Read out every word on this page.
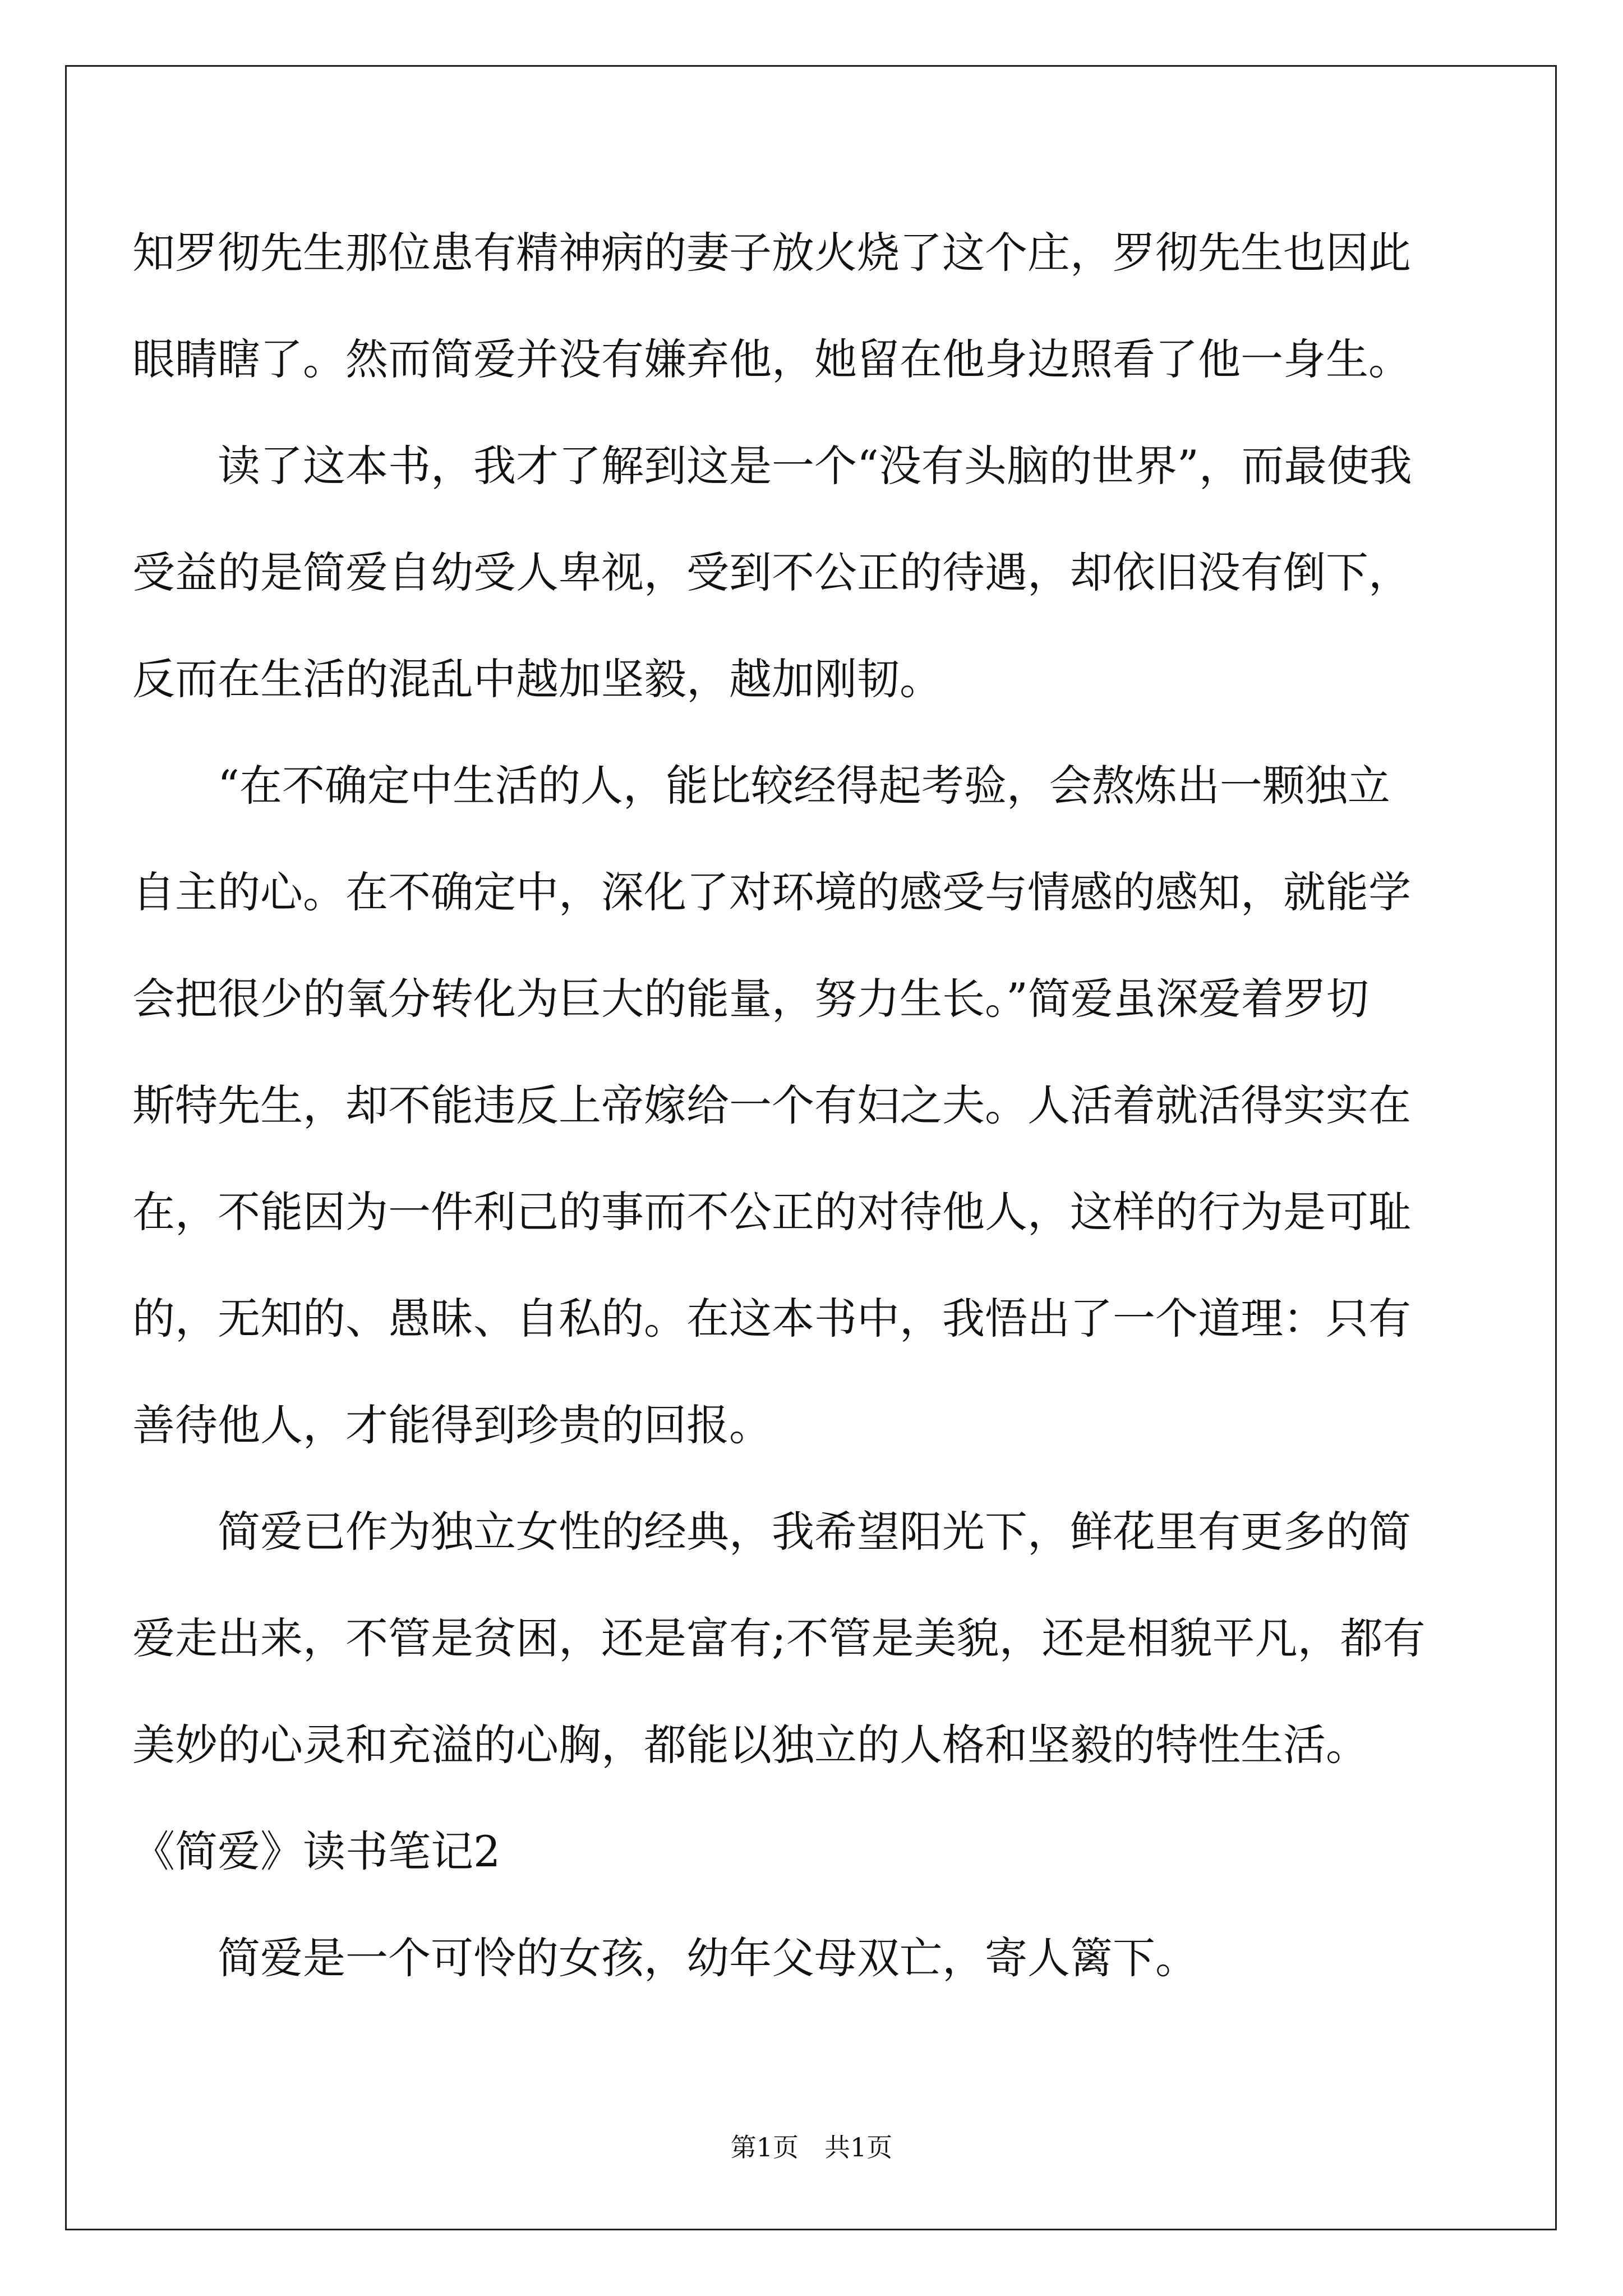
知罗彻先生那位患有精神病的妻子放火烧了这个庄，罗彻先生也因此
眼睛瞎了。然而简爱并没有嫌弃他，她留在他身边照看了他一身生。
读了这本书，我才了解到这是一个“没有头脑的世界”，而最使我
受益的是简爱自幼受人卑视，受到不公正的待遇，却依旧没有倒下，
反而在生活的混乱中越加坚毅，越加刚韧。
“在不确定中生活的人，能比较经得起考验，会熬炼出一颗独立
自主的心。在不确定中，深化了对环境的感受与情感的感知，就能学
会把很少的氧分转化为巨大的能量，努力生长。”简爱虽深爱着罗切
斯特先生，却不能违反上帝嫁给一个有妇之夫。人活着就活得实实在
在，不能因为一件利己的事而不公正的对待他人，这样的行为是可耻
的，无知的、愚昧、自私的。在这本书中，我悟出了一个道理：只有
善待他人，才能得到珍贵的回报。
简爱已作为独立女性的经典，我希望阳光下，鲜花里有更多的简
爱走出来，不管是贫困，还是富有;不管是美貌，还是相貌平凡，都有
美妙的心灵和充溢的心胸，都能以独立的人格和坚毅的特性生活。
《简爱》读书笔记2
简爱是一个可怜的女孩，幼年父母双亡，寄人篱下。
第1页　共1页
